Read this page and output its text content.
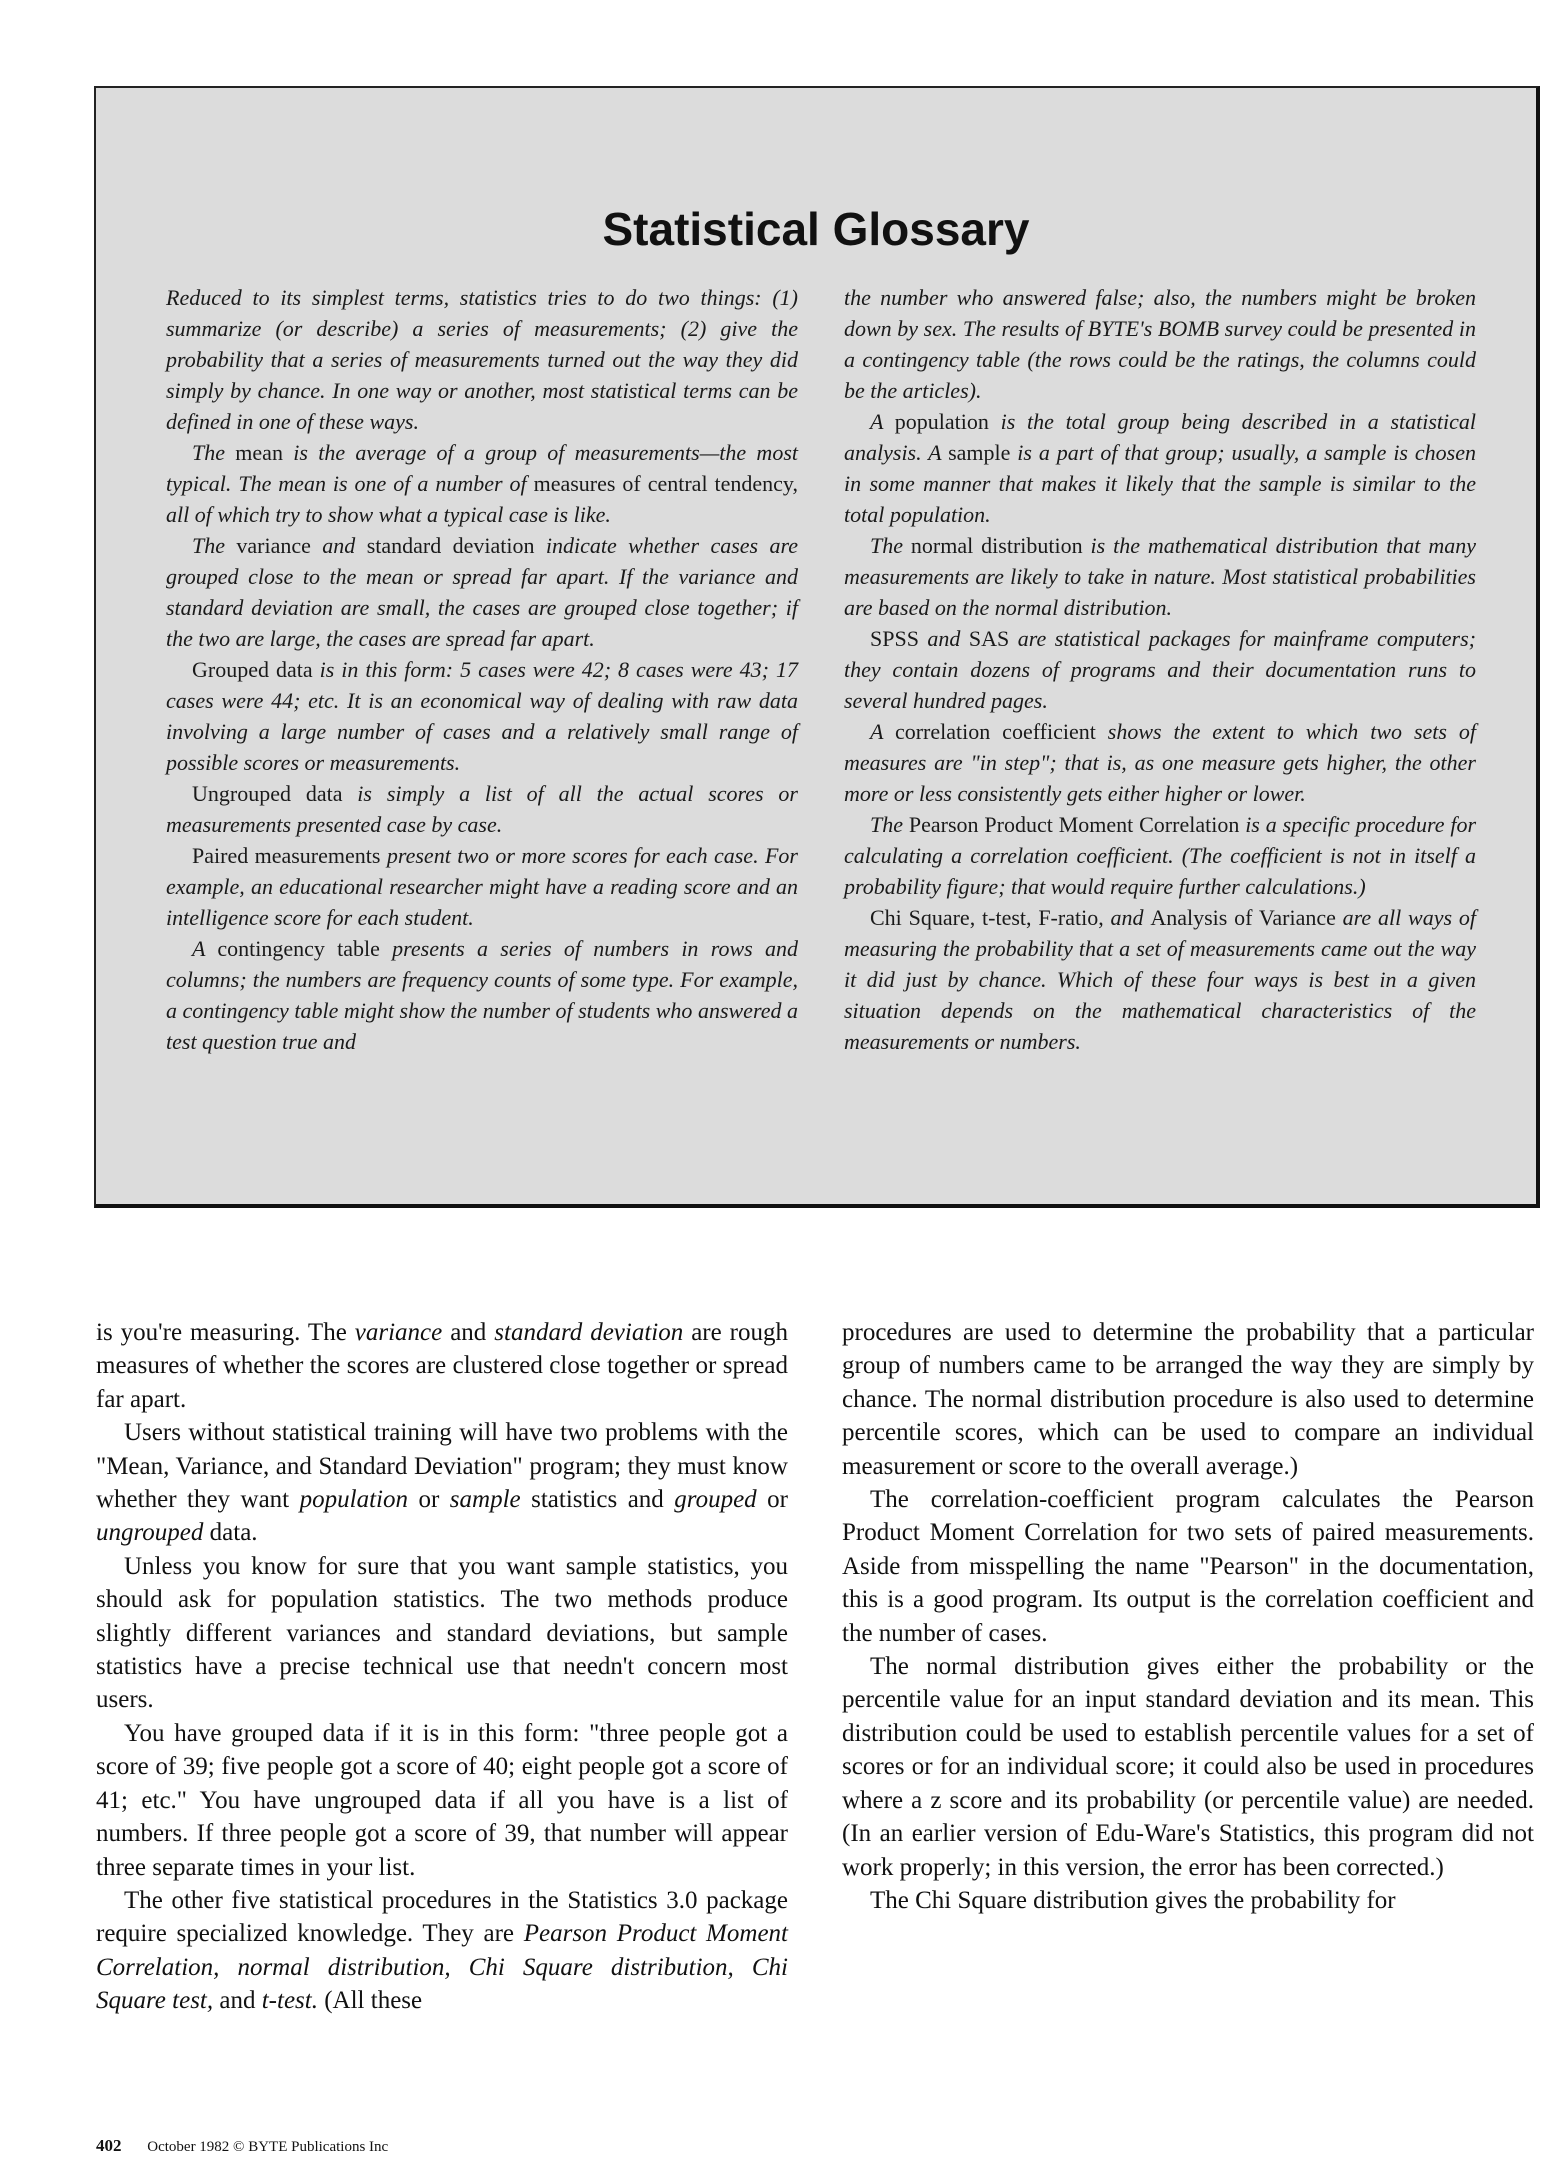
Statistical Glossary

Reduced to its simplest terms, statistics tries to do two things: (1) summarize (or describe) a series of measurements; (2) give the probability that a series of measurements turned out the way they did simply by chance. In one way or another, most statistical terms can be defined in one of these ways.

The mean is the average of a group of measurements—the most typical. The mean is one of a number of measures of central tendency, all of which try to show what a typical case is like.

The variance and standard deviation indicate whether cases are grouped close to the mean or spread far apart. If the variance and standard deviation are small, the cases are grouped close together; if the two are large, the cases are spread far apart.

Grouped data is in this form: 5 cases were 42; 8 cases were 43; 17 cases were 44; etc. It is an economical way of dealing with raw data involving a large number of cases and a relatively small range of possible scores or measurements.

Ungrouped data is simply a list of all the actual scores or measurements presented case by case.

Paired measurements present two or more scores for each case. For example, an educational researcher might have a reading score and an intelligence score for each student.

A contingency table presents a series of numbers in rows and columns; the numbers are frequency counts of some type. For example, a contingency table might show the number of students who answered a test question true and

the number who answered false; also, the numbers might be broken down by sex. The results of BYTE's BOMB survey could be presented in a contingency table (the rows could be the ratings, the columns could be the articles).

A population is the total group being described in a statistical analysis. A sample is a part of that group; usually, a sample is chosen in some manner that makes it likely that the sample is similar to the total population.

The normal distribution is the mathematical distribution that many measurements are likely to take in nature. Most statistical probabilities are based on the normal distribution.

SPSS and SAS are statistical packages for mainframe computers; they contain dozens of programs and their documentation runs to several hundred pages.

A correlation coefficient shows the extent to which two sets of measures are "in step"; that is, as one measure gets higher, the other more or less consistently gets either higher or lower.

The Pearson Product Moment Correlation is a specific procedure for calculating a correlation coefficient. (The coefficient is not in itself a probability figure; that would require further calculations.)

Chi Square, t-test, F-ratio, and Analysis of Variance are all ways of measuring the probability that a set of measurements came out the way it did just by chance. Which of these four ways is best in a given situation depends on the mathematical characteristics of the measurements or numbers.

is you're measuring. The variance and standard deviation are rough measures of whether the scores are clustered close together or spread far apart.

Users without statistical training will have two problems with the "Mean, Variance, and Standard Deviation" program; they must know whether they want population or sample statistics and grouped or ungrouped data.

Unless you know for sure that you want sample statistics, you should ask for population statistics. The two methods produce slightly different variances and standard deviations, but sample statistics have a precise technical use that needn't concern most users.

You have grouped data if it is in this form: "three people got a score of 39; five people got a score of 40; eight people got a score of 41; etc." You have ungrouped data if all you have is a list of numbers. If three people got a score of 39, that number will appear three separate times in your list.

The other five statistical procedures in the Statistics 3.0 package require specialized knowledge. They are Pearson Product Moment Correlation, normal distribution, Chi Square distribution, Chi Square test, and t-test. (All these

procedures are used to determine the probability that a particular group of numbers came to be arranged the way they are simply by chance. The normal distribution procedure is also used to determine percentile scores, which can be used to compare an individual measurement or score to the overall average.)

The correlation-coefficient program calculates the Pearson Product Moment Correlation for two sets of paired measurements. Aside from misspelling the name "Pearson" in the documentation, this is a good program. Its output is the correlation coefficient and the number of cases.

The normal distribution gives either the probability or the percentile value for an input standard deviation and its mean. This distribution could be used to establish percentile values for a set of scores or for an individual score; it could also be used in procedures where a z score and its probability (or percentile value) are needed. (In an earlier version of Edu-Ware's Statistics, this program did not work properly; in this version, the error has been corrected.)

The Chi Square distribution gives the probability for

402 October 1982 © BYTE Publications Inc
